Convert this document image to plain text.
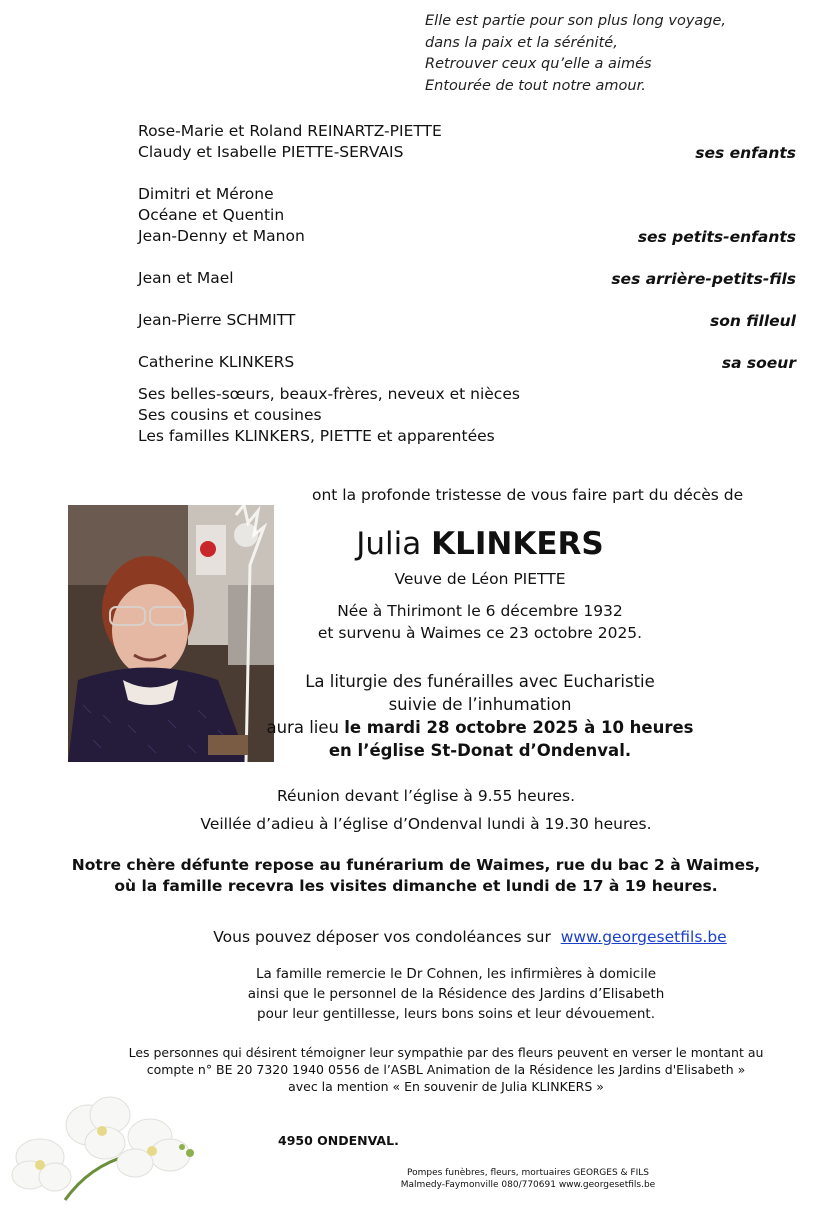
Elle est partie pour son plus long voyage,
dans la paix et la sérénité,
Retrouver ceux qu’elle a aimés
Entourée de tout notre amour.
Rose-Marie et Roland REINARTZ-PIETTE
Claudy et Isabelle PIETTE-SERVAIS	ses enfants
Dimitri et Mérone
Océane et Quentin
Jean-Denny et Manon	ses petits-enfants
Jean et Mael	ses arrière-petits-fils
Jean-Pierre SCHMITT	son filleul
Catherine KLINKERS	sa soeur
Ses belles-sœurs, beaux-frères, neveux et nièces
Ses cousins et cousines
Les familles KLINKERS, PIETTE et apparentées
ont la profonde tristesse de vous faire part du décès de
Julia KLINKERS
Veuve de Léon PIETTE
Née à Thirimont le 6 décembre 1932
et survenu à Waimes ce 23 octobre 2025.
La liturgie des funérailles avec Eucharistie
suivie de l’inhumation
aura lieu le mardi 28 octobre 2025 à 10 heures
en l’église St-Donat d’Ondenval.
Réunion devant l’église à 9.55 heures.
Veillée d’adieu à l’église d’Ondenval lundi à 19.30 heures.
Notre chère défunte repose au funérarium de Waimes, rue du bac 2 à Waimes,
où la famille recevra les visites dimanche et lundi de 17 à 19 heures.
Vous pouvez déposer vos condoléances sur www.georgesetfils.be
La famille remercie le Dr Cohnen, les infirmières à domicile
ainsi que le personnel de la Résidence des Jardins d’Elisabeth
pour leur gentillesse, leurs bons soins et leur dévouement.
Les personnes qui désirent témoigner leur sympathie par des fleurs peuvent en verser le montant au
compte n° BE 20 7320 1940 0556 de l’ASBL Animation de la Résidence les Jardins d'Elisabeth »
avec la mention « En souvenir de Julia KLINKERS »
4950 ONDENVAL.
Pompes funèbres, fleurs, mortuaires GEORGES & FILS
Malmedy-Faymonville 080/770691 www.georgesetfils.be
